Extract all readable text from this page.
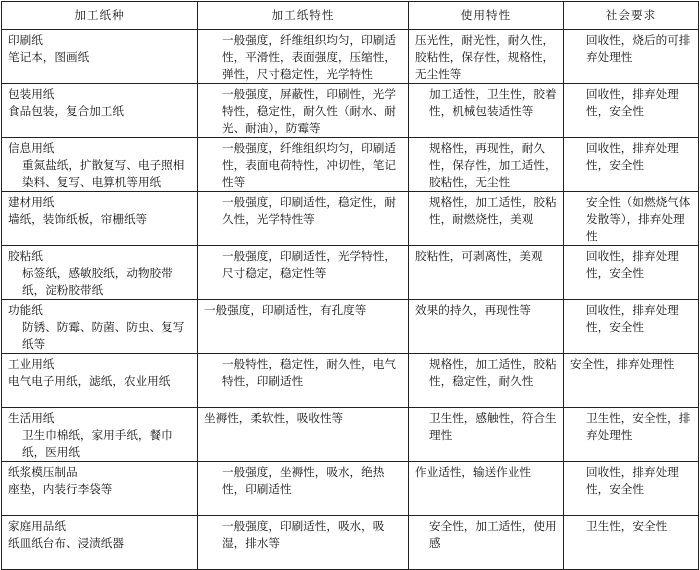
加工纸种	加工纸特性	使用特性	社会要求

印刷纸
笔记本，图画纸	一般强度，纤维组织均匀，印刷适性，平滑性，表面强度，压缩性，弹性，尺寸稳定性，光学特性	压光性，耐光性，耐久性，胶粘性，保存性，规格性，无尘性等	回收性，烧后的可排弃处理性

包装用纸
食品包装，复合加工纸	一般强度，屏蔽性，印刷性，光学特性，稳定性，耐久性（耐水、耐光、耐油），防霉等	加工适性，卫生性，胶着性，机械包装适性等	回收性，排弃处理性，安全性

信息用纸
重氮盐纸，扩散复写、电子照相染料、复写、电算机等用纸	一般强度，纤维组织均匀，印刷适性，表面电荷特性，冲切性，笔记性等	规格性，再现性，耐久性，保存性，加工适性，胶粘性，无尘性	回收性，排弃处理性，安全性

建材用纸
墙纸，装饰纸板，帘栅纸等	一般强度，印刷适性，稳定性，耐久性，光学特性等	规格性，加工适性，胶粘性，耐燃烧性，美观	安全性（如燃烧气体发散等），排弃处理性

胶粘纸
标签纸，感敏胶纸，动物胶带纸，淀粉胶带纸	一般强度，印刷适性，光学特性，尺寸稳定，稳定性等	胶粘性，可剥离性，美观	回收性，排弃处理性，安全性

功能纸
防锈、防霉、防菌、防虫、复写纸等	一般强度，印刷适性，有孔度等	效果的持久，再现性等	回收性，排弃处理性，安全性

工业用纸
电气电子用纸，滤纸，农业用纸	一般特性，稳定性，耐久性，电气特性，印刷适性	规格性，加工适性，胶粘性，稳定性，耐久性	安全性，排弃处理性

生活用纸
卫生巾棉纸，家用手纸，餐巾纸，医用纸	坐褥性，柔软性，吸收性等	卫生性，感触性，符合生理性	卫生性，安全性，排弃处理性

纸浆模压制品
座垫，内装行李袋等	一般强度，坐褥性，吸水，绝热性，印刷适性	作业适性，输送作业性	回收性，排弃处理性，安全性

家庭用品纸
纸皿纸台布、浸渍纸器	一般强度，印刷适性，吸水，吸湿，排水等	安全性，加工适性，使用感	卫生性，安全性
